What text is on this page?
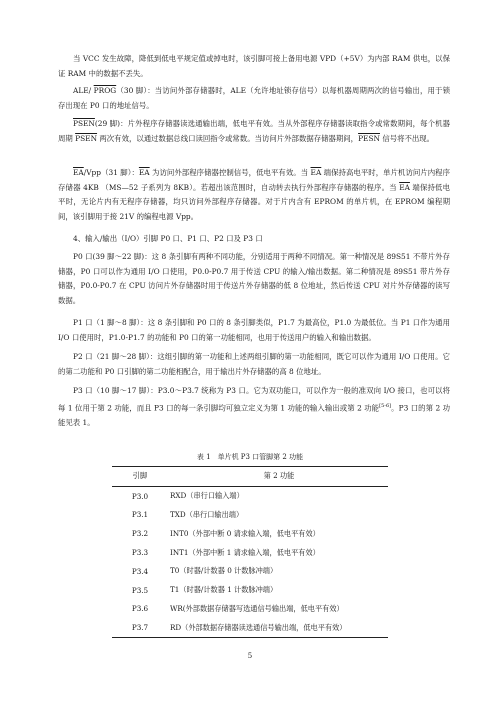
当 VCC 发生故障，降低到低电平规定值或掉电时，该引脚可接上备用电源 VPD（+5V）为内部 RAM 供电，以保证 RAM 中的数据不丢失。

ALE/ PROG（30 脚）：当访问外部存储器时，ALE（允许地址锁存信号）以每机器周期两次的信号输出，用于锁存出现在 P0 口的地址信号。

PSEN(29 脚)：片外程序存储器读选通输出端，低电平有效。当从外部程序存储器读取指令或常数期间，每个机器周期 PSEN 两次有效，以通过数据总线口读回指令或常数。当访问片外部数据存储器期间，PESN 信号将不出现。

$\overline{EA}/Vpp(31$ 脚）：$\overline{EA}$ 为访问外部程序储器控制信号，低电平有效。当 $\overline{EA}$ 端保持高电平时，单片机访问片内程序存储器 4KB （MS—52 子系列为 8KB）。若超出该范围时，自动转去执行外部程序存储器的程序。当 $\overline{EA}$ 端保持低电平时，无论片内有无程序存储器，均只访问外部程序存储器。对于片内含有 EPROM 的单片机，在 EPROM 编程期间，该引脚用于接 21V 的编程电源 Vpp。

4、输入/输出（I/O）引脚 P0 口、P1 口、P2 口及 P3 口

P0 口(39 脚～22 脚)：这 8 条引脚有两种不同功能，分别适用于两种不同情况。第一种情况是 89S51 不带片外存储器，P0 口可以作为通用 I/O 口使用，P0.0-P0.7 用于传送 CPU 的输入/输出数据。第二种情况是 89S51 带片外存储器，P0.0-P0.7 在 CPU 访问片外存储器时用于传送片外存储器的低 8 位地址，然后传送 CPU 对片外存储器的读写数据。

P1 口（1 脚～8 脚）：这 8 条引脚和 P0 口的 8 条引脚类似，P1.7 为最高位，P1.0 为最低位。当 P1 口作为通用 I/O 口使用时，P1.0-P1.7 的功能和 P0 口的第一功能相同，也用于传送用户的输入和输出数据。

P2 口（21 脚～28 脚）：这组引脚的第一功能和上述两组引脚的第一功能相同，既它可以作为通用 I/O 口使用。它的第二功能和 P0 口引脚的第二功能相配合，用于输出片外存储器的高 8 位地址。

P3 口（10 脚～17 脚）：P3.0～P3.7 统称为 P3 口。它为双功能口，可以作为一般的准双向 I/O 接口，也可以将每 1 位用于第 2 功能，而且 P3 口的每一条引脚均可独立定义为第 1 功能的输入输出或第 2 功能[5-6]。P3 口的第 2 功能见表 1。

表 1　单片机 P3 口管脚第 2 功能
引脚	第 2 功能
P3.0	RXD（串行口输入端）
P3.1	TXD（串行口输出端）
P3.2	INT0（外部中断 0 请求输入端，低电平有效）
P3.3	INT1（外部中断 1 请求输入端，低电平有效）
P3.4	T0（时器/计数器 0 计数脉冲端）
P3.5	T1（时器/计数器 1 计数脉冲端）
P3.6	WR(外部数据存储器写选通信号输出端，低电平有效）
P3.7	RD（外部数据存储器读选通信号输出端，低电平有效）
5
